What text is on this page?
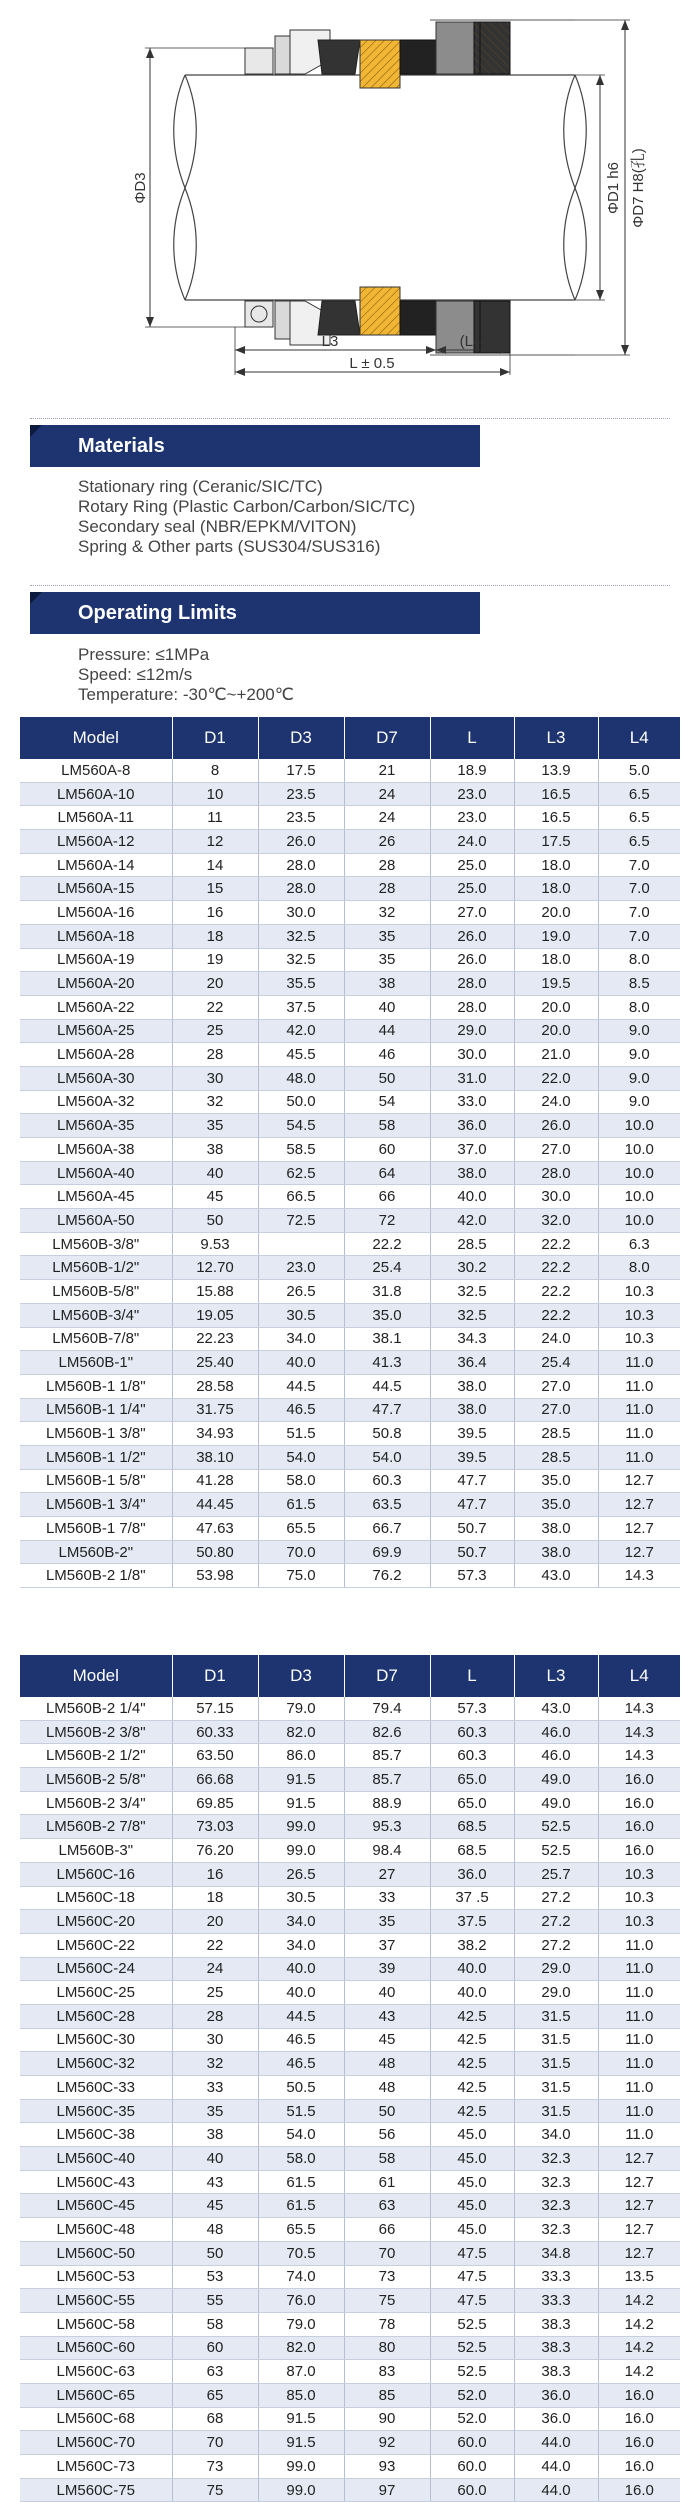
ΦD3	ΦD1 h6 ΦD7 H8(孔)
L3	(L4)
L ± 0.5
Materials
Stationary ring (Ceranic/SIC/TC)
Rotary Ring (Plastic Carbon/Carbon/SIC/TC)
Secondary seal (NBR/EPKM/VITON)
Spring & Other parts (SUS304/SUS316)
Operating Limits
Pressure: ≤1MPa
Speed: ≤12m/s
Temperature: -30℃~+200℃
Model	D1	D3	D7	L	L3	L4
LM560A-8	8	17.5	21	18.9	13.9	5.0
LM560A-10	10	23.5	24	23.0	16.5	6.5
LM560A-11	11	23.5	24	23.0	16.5	6.5
LM560A-12	12	26.0	26	24.0	17.5	6.5
LM560A-14	14	28.0	28	25.0	18.0	7.0
LM560A-15	15	28.0	28	25.0	18.0	7.0
LM560A-16	16	30.0	32	27.0	20.0	7.0
LM560A-18	18	32.5	35	26.0	19.0	7.0
LM560A-19	19	32.5	35	26.0	18.0	8.0
LM560A-20	20	35.5	38	28.0	19.5	8.5
LM560A-22	22	37.5	40	28.0	20.0	8.0
LM560A-25	25	42.0	44	29.0	20.0	9.0
LM560A-28	28	45.5	46	30.0	21.0	9.0
LM560A-30	30	48.0	50	31.0	22.0	9.0
LM560A-32	32	50.0	54	33.0	24.0	9.0
LM560A-35	35	54.5	58	36.0	26.0	10.0
LM560A-38	38	58.5	60	37.0	27.0	10.0
LM560A-40	40	62.5	64	38.0	28.0	10.0
LM560A-45	45	66.5	66	40.0	30.0	10.0
LM560A-50	50	72.5	72	42.0	32.0	10.0
LM560B-3/8"	9.53		22.2	28.5	22.2	6.3
LM560B-1/2"	12.70	23.0	25.4	30.2	22.2	8.0
LM560B-5/8"	15.88	26.5	31.8	32.5	22.2	10.3
LM560B-3/4"	19.05	30.5	35.0	32.5	22.2	10.3
LM560B-7/8"	22.23	34.0	38.1	34.3	24.0	10.3
LM560B-1"	25.40	40.0	41.3	36.4	25.4	11.0
LM560B-1 1/8"	28.58	44.5	44.5	38.0	27.0	11.0
LM560B-1 1/4"	31.75	46.5	47.7	38.0	27.0	11.0
LM560B-1 3/8"	34.93	51.5	50.8	39.5	28.5	11.0
LM560B-1 1/2"	38.10	54.0	54.0	39.5	28.5	11.0
LM560B-1 5/8"	41.28	58.0	60.3	47.7	35.0	12.7
LM560B-1 3/4"	44.45	61.5	63.5	47.7	35.0	12.7
LM560B-1 7/8"	47.63	65.5	66.7	50.7	38.0	12.7
LM560B-2"	50.80	70.0	69.9	50.7	38.0	12.7
LM560B-2 1/8"	53.98	75.0	76.2	57.3	43.0	14.3
Model	D1	D3	D7	L	L3	L4
LM560B-2 1/4"	57.15	79.0	79.4	57.3	43.0	14.3
LM560B-2 3/8"	60.33	82.0	82.6	60.3	46.0	14.3
LM560B-2 1/2"	63.50	86.0	85.7	60.3	46.0	14.3
LM560B-2 5/8"	66.68	91.5	85.7	65.0	49.0	16.0
LM560B-2 3/4"	69.85	91.5	88.9	65.0	49.0	16.0
LM560B-2 7/8"	73.03	99.0	95.3	68.5	52.5	16.0
LM560B-3"	76.20	99.0	98.4	68.5	52.5	16.0
LM560C-16	16	26.5	27	36.0	25.7	10.3
LM560C-18	18	30.5	33	37 .5	27.2	10.3
LM560C-20	20	34.0	35	37.5	27.2	10.3
LM560C-22	22	34.0	37	38.2	27.2	11.0
LM560C-24	24	40.0	39	40.0	29.0	11.0
LM560C-25	25	40.0	40	40.0	29.0	11.0
LM560C-28	28	44.5	43	42.5	31.5	11.0
LM560C-30	30	46.5	45	42.5	31.5	11.0
LM560C-32	32	46.5	48	42.5	31.5	11.0
LM560C-33	33	50.5	48	42.5	31.5	11.0
LM560C-35	35	51.5	50	42.5	31.5	11.0
LM560C-38	38	54.0	56	45.0	34.0	11.0
LM560C-40	40	58.0	58	45.0	32.3	12.7
LM560C-43	43	61.5	61	45.0	32.3	12.7
LM560C-45	45	61.5	63	45.0	32.3	12.7
LM560C-48	48	65.5	66	45.0	32.3	12.7
LM560C-50	50	70.5	70	47.5	34.8	12.7
LM560C-53	53	74.0	73	47.5	33.3	13.5
LM560C-55	55	76.0	75	47.5	33.3	14.2
LM560C-58	58	79.0	78	52.5	38.3	14.2
LM560C-60	60	82.0	80	52.5	38.3	14.2
LM560C-63	63	87.0	83	52.5	38.3	14.2
LM560C-65	65	85.0	85	52.0	36.0	16.0
LM560C-68	68	91.5	90	52.0	36.0	16.0
LM560C-70	70	91.5	92	60.0	44.0	16.0
LM560C-73	73	99.0	93	60.0	44.0	16.0
LM560C-75	75	99.0	97	60.0	44.0	16.0
